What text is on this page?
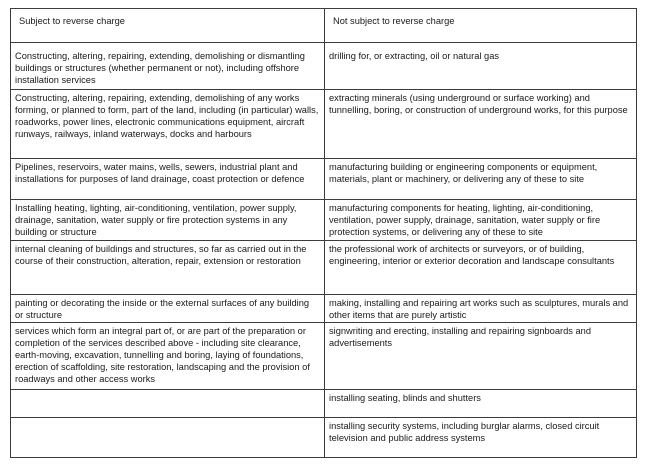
Subject to reverse charge	Not subject to reverse charge
Constructing, altering, repairing, extending, demolishing or dismantling buildings or structures (whether permanent or not), including offshore installation services	drilling for, or extracting, oil or natural gas
Constructing, altering, repairing, extending, demolishing of any works forming, or planned to form, part of the land, including (in particular) walls, roadworks, power lines, electronic communications equipment, aircraft runways, railways, inland waterways, docks and harbours	extracting minerals (using underground or surface working) and tunnelling, boring, or construction of underground works, for this purpose
Pipelines, reservoirs, water mains, wells, sewers, industrial plant and installations for purposes of land drainage, coast protection or defence	manufacturing building or engineering components or equipment, materials, plant or machinery, or delivering any of these to site
Installing heating, lighting, air-conditioning, ventilation, power supply, drainage, sanitation, water supply or fire protection systems in any building or structure	manufacturing components for heating, lighting, air-conditioning, ventilation, power supply, drainage, sanitation, water supply or fire protection systems, or delivering any of these to site
internal cleaning of buildings and structures, so far as carried out in the course of their construction, alteration, repair, extension or restoration	the professional work of architects or surveyors, or of building, engineering, interior or exterior decoration and landscape consultants
painting or decorating the inside or the external surfaces of any building or structure	making, installing and repairing art works such as sculptures, murals and other items that are purely artistic
services which form an integral part of, or are part of the preparation or completion of the services described above - including site clearance, earth-moving, excavation, tunnelling and boring, laying of foundations, erection of scaffolding, site restoration, landscaping and the provision of roadways and other access works	signwriting and erecting, installing and repairing signboards and advertisements
	installing seating, blinds and shutters
	installing security systems, including burglar alarms, closed circuit television and public address systems
